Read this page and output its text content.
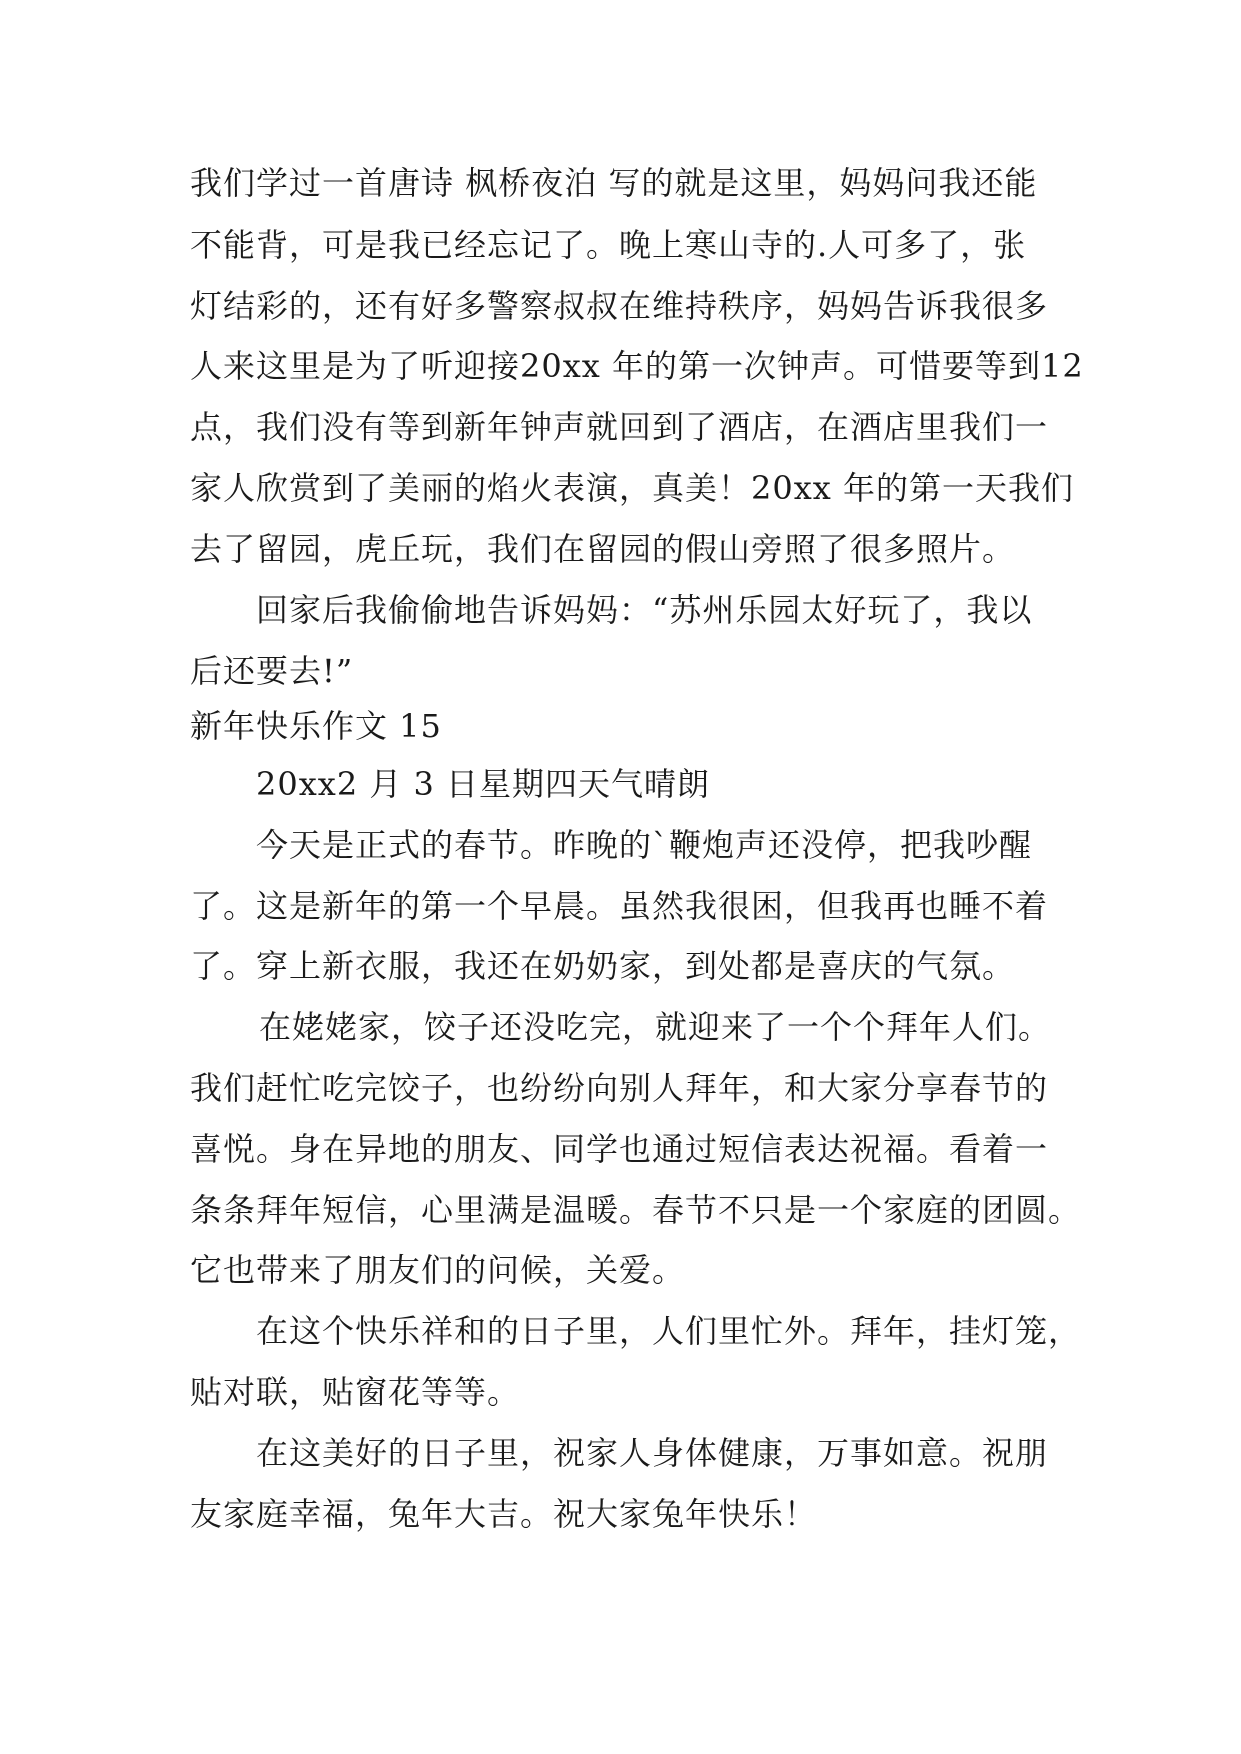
我们学过一首唐诗 枫桥夜泊 写的就是这里，妈妈问我还能
不能背，可是我已经忘记了。晚上寒山寺的.人可多了，张
灯结彩的，还有好多警察叔叔在维持秩序，妈妈告诉我很多
人来这里是为了听迎接20xx 年的第一次钟声。可惜要等到12
点，我们没有等到新年钟声就回到了酒店，在酒店里我们一
家人欣赏到了美丽的焰火表演，真美！20xx 年的第一天我们
去了留园，虎丘玩，我们在留园的假山旁照了很多照片。
回家后我偷偷地告诉妈妈：“苏州乐园太好玩了，我以
后还要去!”
新年快乐作文 15
20xx2 月 3 日星期四天气晴朗
今天是正式的春节。昨晚的`鞭炮声还没停，把我吵醒
了。这是新年的第一个早晨。虽然我很困，但我再也睡不着
了。穿上新衣服，我还在奶奶家，到处都是喜庆的气氛。
在姥姥家，饺子还没吃完，就迎来了一个个拜年人们。
我们赶忙吃完饺子，也纷纷向别人拜年，和大家分享春节的
喜悦。身在异地的朋友、同学也通过短信表达祝福。看着一
条条拜年短信，心里满是温暖。春节不只是一个家庭的团圆。
它也带来了朋友们的问候，关爱。
在这个快乐祥和的日子里，人们里忙外。拜年，挂灯笼，
贴对联，贴窗花等等。
在这美好的日子里，祝家人身体健康，万事如意。祝朋
友家庭幸福，兔年大吉。祝大家兔年快乐！
